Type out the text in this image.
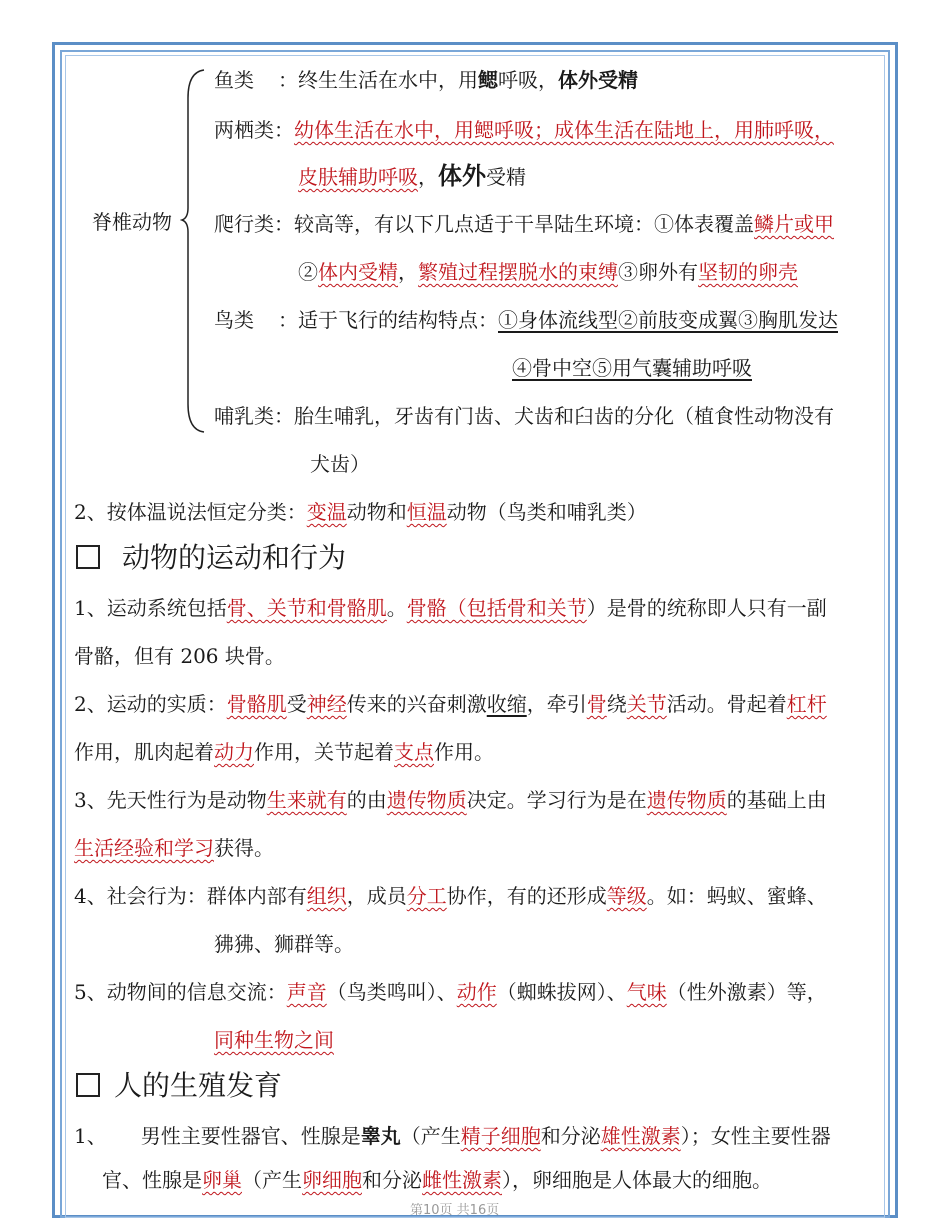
脊椎动物
鱼类 ：终生生活在水中，用鳃呼吸，体外受精
两栖类：幼体生活在水中，用鳃呼吸；成体生活在陆地上，用肺呼吸，
皮肤辅助呼吸，体外受精
爬行类：较高等，有以下几点适于干旱陆生环境：①体表覆盖鳞片或甲
②体内受精，繁殖过程摆脱水的束缚③卵外有坚韧的卵壳
鸟类 ：适于飞行的结构特点：①身体流线型②前肢变成翼③胸肌发达
④骨中空⑤用气囊辅助呼吸
哺乳类：胎生哺乳，牙齿有门齿、犬齿和臼齿的分化（植食性动物没有
犬齿）
2、按体温说法恒定分类：变温动物和恒温动物（鸟类和哺乳类）
动物的运动和行为
1、运动系统包括骨、关节和骨骼肌。骨骼（包括骨和关节）是骨的统称即人只有一副
骨骼，但有 206 块骨。
2、运动的实质：骨骼肌受神经传来的兴奋刺激收缩，牵引骨绕关节活动。骨起着杠杆
作用，肌肉起着动力作用，关节起着支点作用。
3、先天性行为是动物生来就有的由遗传物质决定。学习行为是在遗传物质的基础上由
生活经验和学习获得。
4、社会行为：群体内部有组织，成员分工协作，有的还形成等级。如：蚂蚁、蜜蜂、
狒狒、狮群等。
5、动物间的信息交流：声音（鸟类鸣叫）、动作（蜘蛛拔网）、气味（性外激素）等，
同种生物之间
人的生殖发育
1、 男性主要性器官、性腺是睾丸（产生精子细胞和分泌雄性激素）；女性主要性器
官、性腺是卵巢（产生卵细胞和分泌雌性激素），卵细胞是人体最大的细胞。
第10页 共16页
